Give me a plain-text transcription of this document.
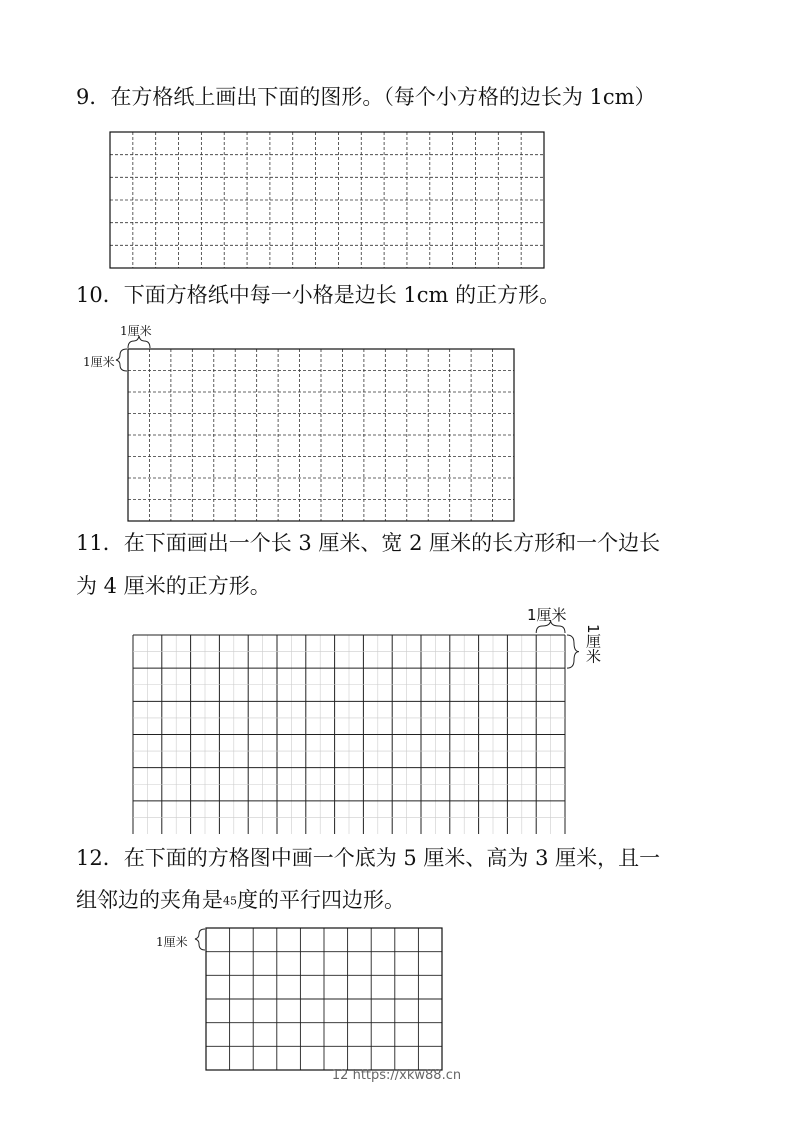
9．在方格纸上画出下面的图形。（每个小方格的边长为 1cm）
10．下面方格纸中每一小格是边长 1cm 的正方形。
1厘米
1厘米
11．在下面画出一个长 3 厘米、宽 2 厘米的长方形和一个边长
为 4 厘米的正方形。
1厘米
1厘米
12．在下面的方格图中画一个底为 5 厘米、高为 3 厘米，且一
组邻边的夹角是45度的平行四边形。
1厘米
12 https://xkw88.cn
